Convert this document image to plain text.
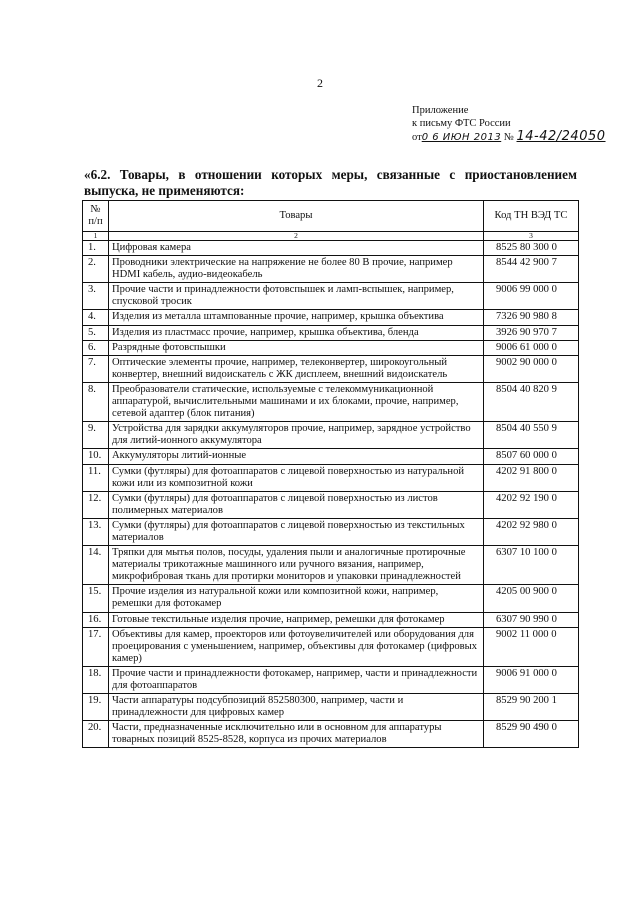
2
Приложение
к письму ФТС России
от0 6 ИЮН 2013 № 14-42/24050
«6.2. Товары, в отношении которых меры, связанные с приостановлением выпуска, не применяются:
№ п/п	Товары	Код ТН ВЭД ТС
1	2	3
1.	Цифровая камера	8525 80 300 0
2.	Проводники электрические на напряжение не более 80 В прочие, например HDMI кабель, аудио-видеокабель	8544 42 900 7
3.	Прочие части и принадлежности фотовспышек и ламп-вспышек, например, спусковой тросик	9006 99 000 0
4.	Изделия из металла штампованные прочие, например, крышка объектива	7326 90 980 8
5.	Изделия из пластмасс прочие, например, крышка объектива, бленда	3926 90 970 7
6.	Разрядные фотовспышки	9006 61 000 0
7.	Оптические элементы прочие, например, телеконвертер, широкоугольный конвертер, внешний видоискатель с ЖК дисплеем, внешний видоискатель	9002 90 000 0
8.	Преобразователи статические, используемые с телекоммуникационной аппаратурой, вычислительными машинами и их блоками, прочие, например, сетевой адаптер (блок питания)	8504 40 820 9
9.	Устройства для зарядки аккумуляторов прочие, например, зарядное устройство для литий-ионного аккумулятора	8504 40 550 9
10.	Аккумуляторы литий-ионные	8507 60 000 0
11.	Сумки (футляры) для фотоаппаратов с лицевой поверхностью из натуральной кожи или из композитной кожи	4202 91 800 0
12.	Сумки (футляры) для фотоаппаратов с лицевой поверхностью из листов полимерных материалов	4202 92 190 0
13.	Сумки (футляры) для фотоаппаратов с лицевой поверхностью из текстильных материалов	4202 92 980 0
14.	Тряпки для мытья полов, посуды, удаления пыли и аналогичные протирочные материалы трикотажные машинного или ручного вязания, например, микрофибровая ткань для протирки мониторов и упаковки принадлежностей	6307 10 100 0
15.	Прочие изделия из натуральной кожи или композитной кожи, например, ремешки для фотокамер	4205 00 900 0
16.	Готовые текстильные изделия прочие, например, ремешки для фотокамер	6307 90 990 0
17.	Объективы для камер, проекторов или фотоувеличителей или оборудования для проецирования с уменьшением, например, объективы для фотокамер (цифровых камер)	9002 11 000 0
18.	Прочие части и принадлежности фотокамер, например, части и принадлежности для фотоаппаратов	9006 91 000 0
19.	Части аппаратуры подсубпозиций 852580300, например, части и принадлежности для цифровых камер	8529 90 200 1
20.	Части, предназначенные исключительно или в основном для аппаратуры товарных позиций 8525-8528, корпуса из прочих материалов	8529 90 490 0
